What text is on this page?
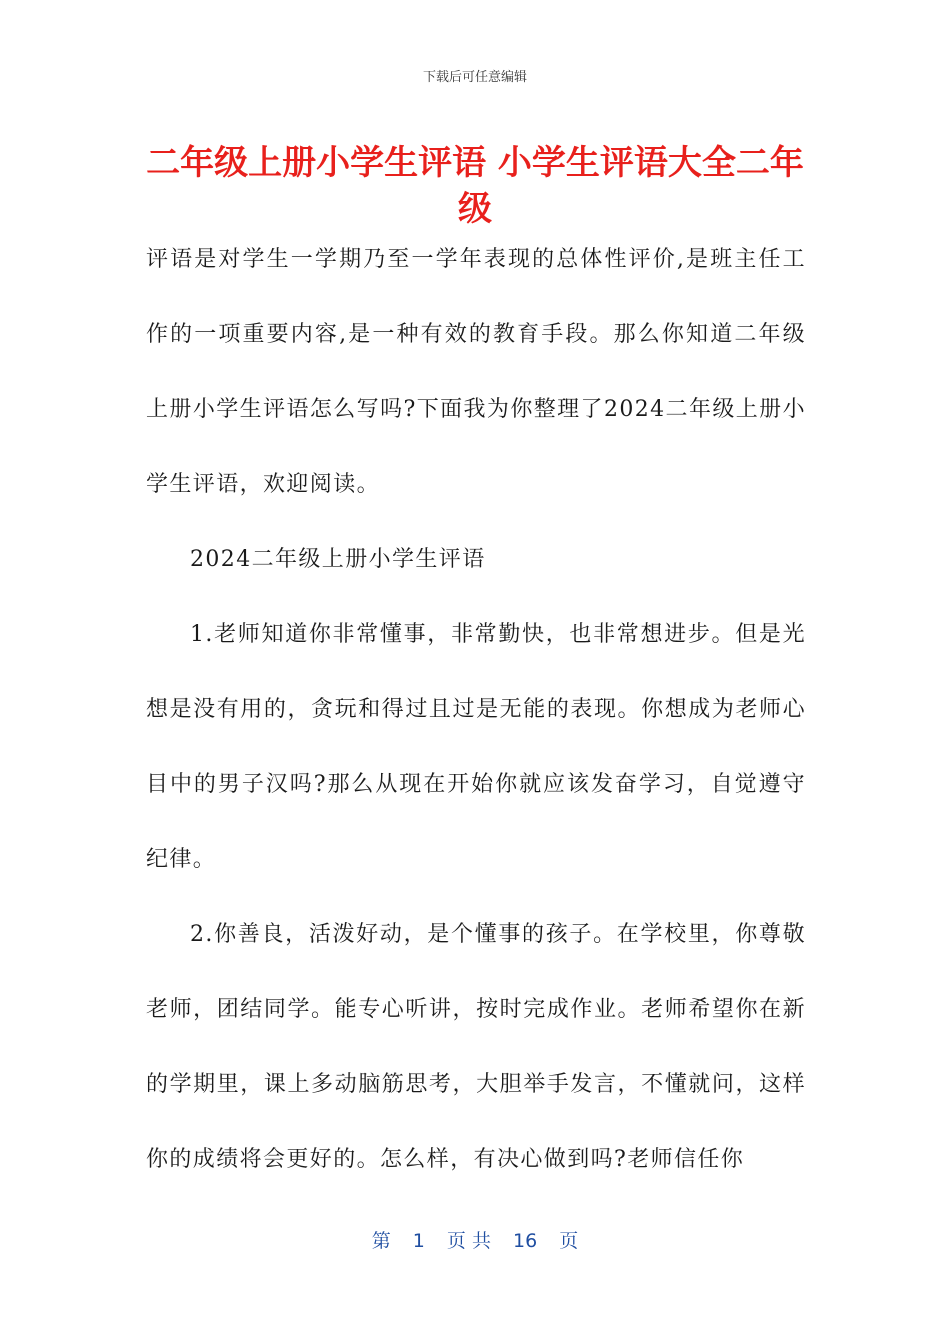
下载后可任意编辑
二年级上册小学生评语 小学生评语大全二年级

评语是对学生一学期乃至一学年表现的总体性评价,是班主任工作的一项重要内容,是一种有效的教育手段。那么你知道二年级上册小学生评语怎么写吗?下面我为你整理了2024二年级上册小学生评语，欢迎阅读。

2024二年级上册小学生评语

1.老师知道你非常懂事，非常勤快，也非常想进步。但是光想是没有用的，贪玩和得过且过是无能的表现。你想成为老师心目中的男子汉吗?那么从现在开始你就应该发奋学习，自觉遵守纪律。

2.你善良，活泼好动，是个懂事的孩子。在学校里，你尊敬老师，团结同学。能专心听讲，按时完成作业。老师希望你在新的学期里，课上多动脑筋思考，大胆举手发言，不懂就问，这样你的成绩将会更好的。怎么样，有决心做到吗?老师信任你

第 1 页 共 16 页
